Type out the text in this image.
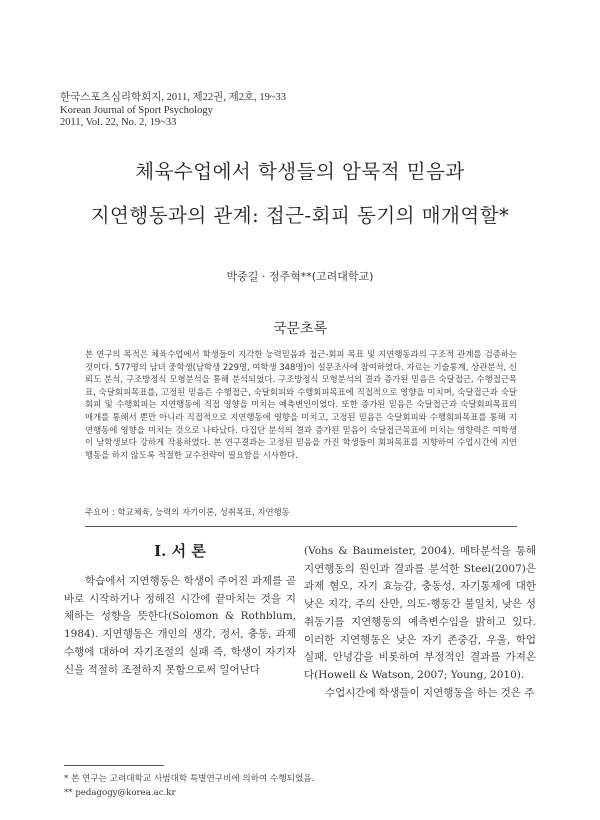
한국스포츠심리학회지, 2011, 제22권, 제2호, 19~33
Korean Journal of Sport Psychology
2011, Vol. 22, No. 2, 19~33
체육수업에서 학생들의 암묵적 믿음과
지연행동과의 관계: 접근-회피 동기의 매개역할*
박중길 · 정주혁**(고려대학교)
국문초록
본 연구의 목적은 체육수업에서 학생들이 지각한 능력믿음과 접근-회피 목표 및 지연행동과의 구조적 관계를 검증하는 것이다. 577명의 남녀 중학생(남학생 229명, 여학생 348명)이 설문조사에 참여하였다. 자료는 기술통계, 상관분석, 신뢰도 분석, 구조방정식 모형분석을 통해 분석되었다. 구조방정식 모형분석의 결과 증가된 믿음은 숙달접근, 수행접근목표, 숙달회피목표를, 고정된 믿음은 수행접근, 숙달회피와 수행회피목표에 직접적으로 영향을 미치며, 숙달접근과 숙달회피 및 수행회피는 지연행동에 직접 영향을 미치는 예측변인이었다. 또한 증가된 믿음은 숙달접근과 숙달회피목표의 매개를 통해서 뿐만 아니라 직접적으로 지연행동에 영향을 미치고, 고정된 믿음은 숙달회피와 수행회피목표를 통해 지연행동에 영향을 미치는 것으로 나타났다. 다집단 분석의 결과 증가된 믿음이 숙달접근목표에 미치는 영향력은 여학생이 남학생보다 강하게 작용하였다. 본 연구결과는 고정된 믿음을 가진 학생들이 회피목표를 지향하여 수업시간에 지연행동을 하지 않도록 적절한 교수전략이 필요함을 시사한다.
주요어 : 학교체육, 능력의 자기이론, 성취목표, 지연행동
I. 서 론

학습에서 지연행동은 학생이 주어진 과제를 곧바로 시작하거나 정해진 시간에 끝마치는 것을 지체하는 성향을 뜻한다(Solomon & Rothblum, 1984). 지연행동은 개인의 생각, 정서, 충동, 과제수행에 대하여 자기조절의 실패 즉, 학생이 자기자신을 적절히 조절하지 못함으로써 일어난다

(Vohs & Baumeister, 2004). 메타분석을 통해 지연행동의 원인과 결과를 분석한 Steel(2007)은 과제 혐오, 자기 효능감, 충동성, 자기통제에 대한 낮은 지각, 주의 산만, 의도-행동간 불일치, 낮은 성취동기를 지연행동의 예측변수임을 밝히고 있다. 이러한 지연행동은 낮은 자기 존중감, 우울, 학업 실패, 안녕감을 비롯하여 부정적인 결과를 가져온다(Howell & Watson, 2007; Young, 2010).

수업시간에 학생들이 지연행동을 하는 것은 주

* 본 연구는 고려대학교 사범대학 특별연구비에 의하여 수행되었음.
** pedagogy@korea.ac.kr
